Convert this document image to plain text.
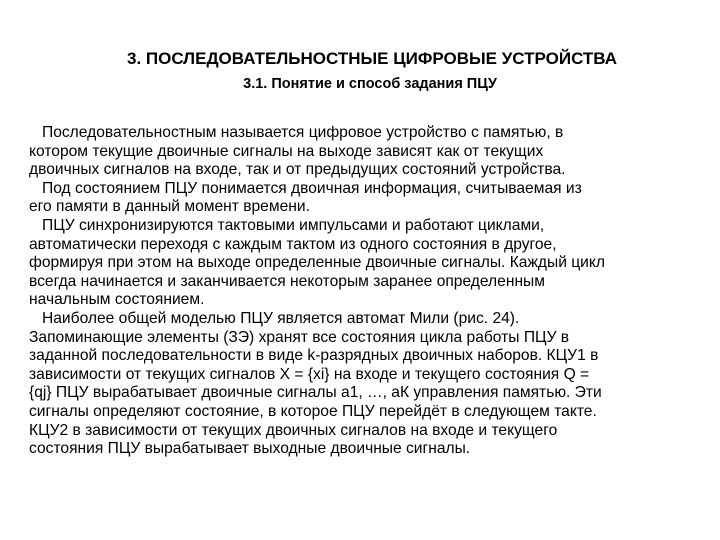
3. ПОСЛЕДОВАТЕЛЬНОСТНЫЕ ЦИФРОВЫЕ УСТРОЙСТВА
3.1. Понятие и способ задания ПЦУ
Последовательностным называется цифровое устройство с памятью, в
котором текущие двоичные сигналы на выходе зависят как от текущих
двоичных сигналов на входе, так и от предыдущих состояний устройства.
Под состоянием ПЦУ понимается двоичная информация, считываемая из
его памяти в данный момент времени.
ПЦУ синхронизируются тактовыми импульсами и работают циклами,
автоматически переходя с каждым тактом из одного состояния в другое,
формируя при этом на выходе определенные двоичные сигналы. Каждый цикл
всегда начинается и заканчивается некоторым заранее определенным
начальным состоянием.
Наиболее общей моделью ПЦУ является автомат Мили (рис. 24).
Запоминающие элементы (ЗЭ) хранят все состояния цикла работы ПЦУ в
заданной последовательности в виде k-разрядных двоичных наборов. КЦУ1 в
зависимости от текущих сигналов X = {xi} на входе и текущего состояния Q =
{qj} ПЦУ вырабатывает двоичные сигналы а1, …, аК управления памятью. Эти
сигналы определяют состояние, в которое ПЦУ перейдёт в следующем такте.
КЦУ2 в зависимости от текущих двоичных сигналов на входе и текущего
состояния ПЦУ вырабатывает выходные двоичные сигналы.
